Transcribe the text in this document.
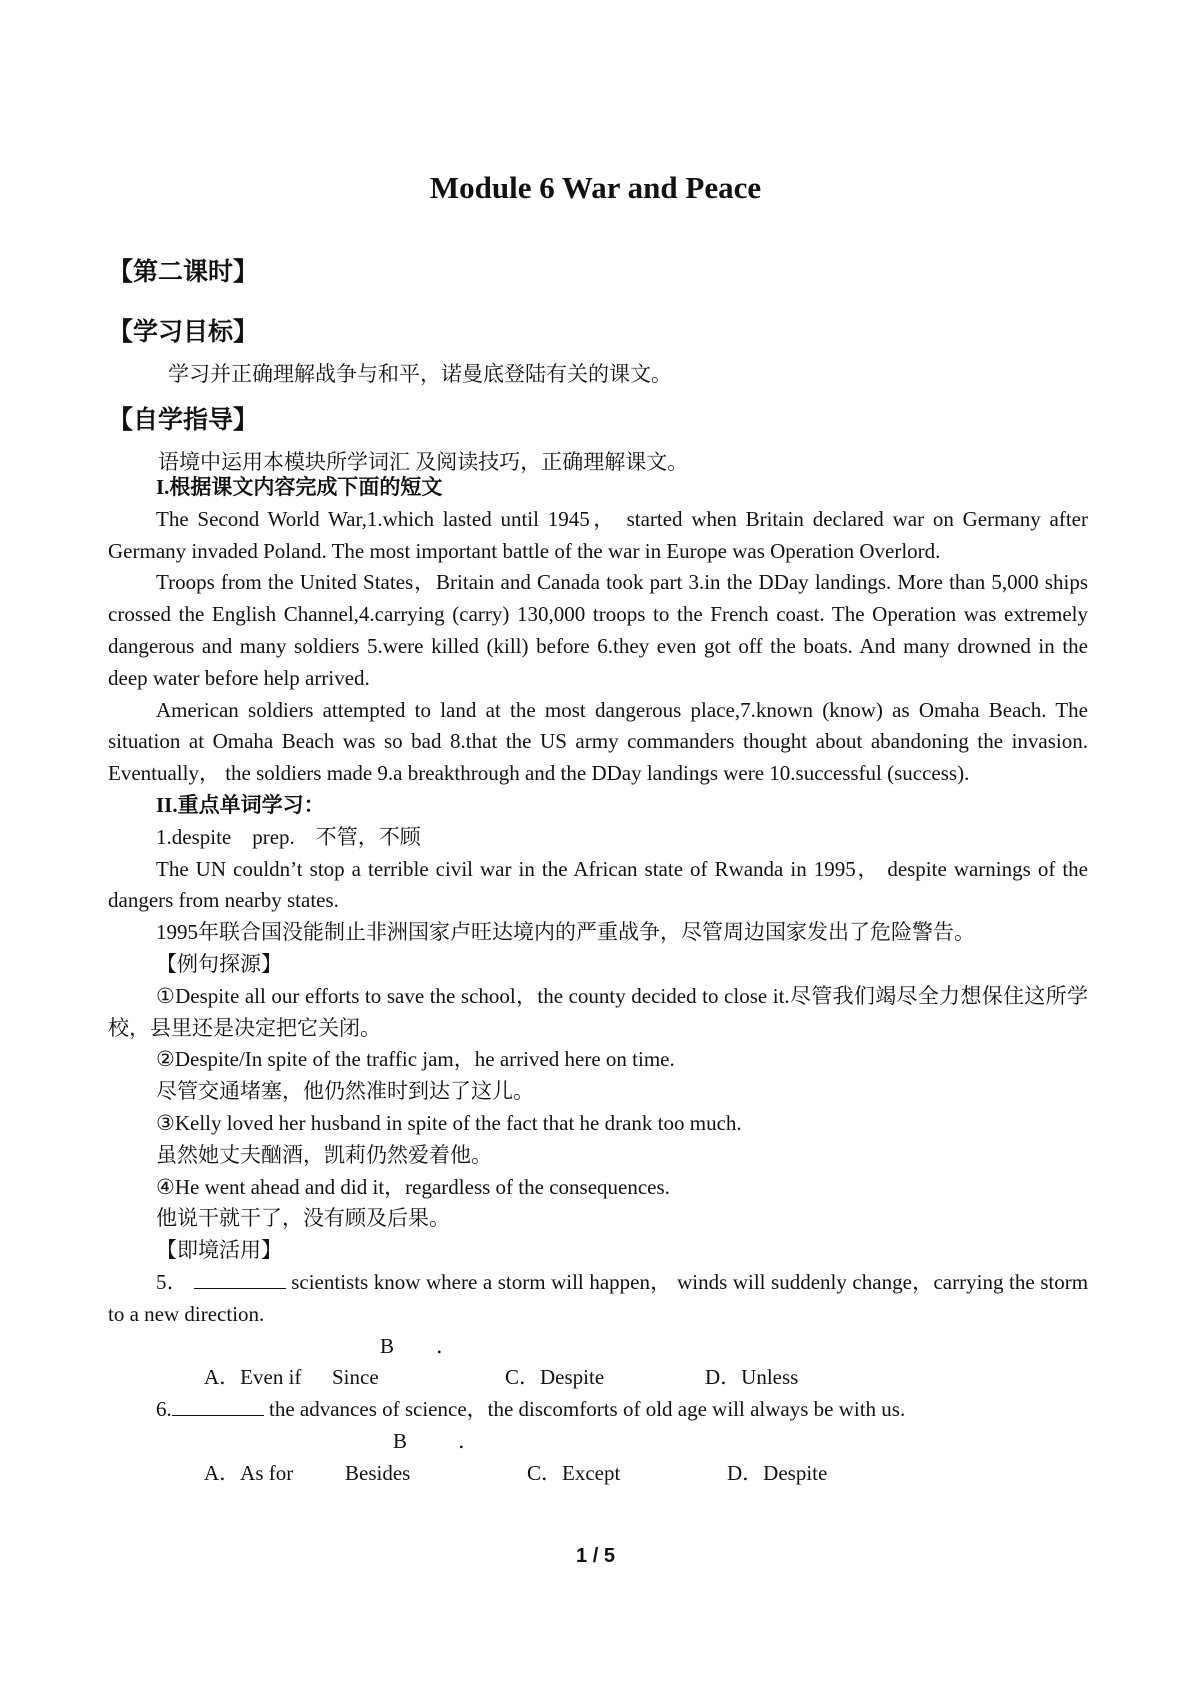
Module 6 War and Peace
【第二课时】
【学习目标】

学习并正确理解战争与和平，诺曼底登陆有关的课文。

【自学指导】

语境中运用本模块所学词汇 及阅读技巧，正确理解课文。

I.根据课文内容完成下面的短文

The Second World War,1.which lasted until 1945， started when Britain declared war on Germany after Germany invaded Poland. The most important battle of the war in Europe was Operation Overlord.

Troops from the United States，Britain and Canada took part 3.in the DDay landings. More than 5,000 ships crossed the English Channel,4.carrying (carry) 130,000 troops to the French coast. The Operation was extremely dangerous and many soldiers 5.were killed (kill) before 6.they even got off the boats. And many drowned in the deep water before help arrived.

American soldiers attempted to land at the most dangerous place,7.known (know) as Omaha Beach. The situation at Omaha Beach was so bad 8.that the US army commanders thought about abandoning the invasion. Eventually， the soldiers made 9.a breakthrough and the DDay landings were 10.successful (success).

II.重点单词学习：

1.despite　prep.　不管，不顾

The UN couldn’t stop a terrible civil war in the African state of Rwanda in 1995， despite warnings of the dangers from nearby states.

1995年联合国没能制止非洲国家卢旺达境内的严重战争，尽管周边国家发出了危险警告。

【例句探源】

①Despite all our efforts to save the school，the county decided to close it.尽管我们竭尽全力想保住这所学校，县里还是决定把它关闭。

②Despite/In spite of the traffic jam，he arrived here on time.

尽管交通堵塞，他仍然准时到达了这儿。

③Kelly loved her husband in spite of the fact that he drank too much.

虽然她丈夫酗酒，凯莉仍然爱着他。

④He went ahead and did it，regardless of the consequences.

他说干就干了，没有顾及后果。

【即境活用】

5．	scientists know where a storm will happen， winds will suddenly change，carrying the storm to a new direction.

A．Even ifB．Since	C．Despite	D．Unless

6.	the advances of science，the discomforts of old age will always be with us.

A．As forB．Besides	C．Except	D．Despite

1 / 5
